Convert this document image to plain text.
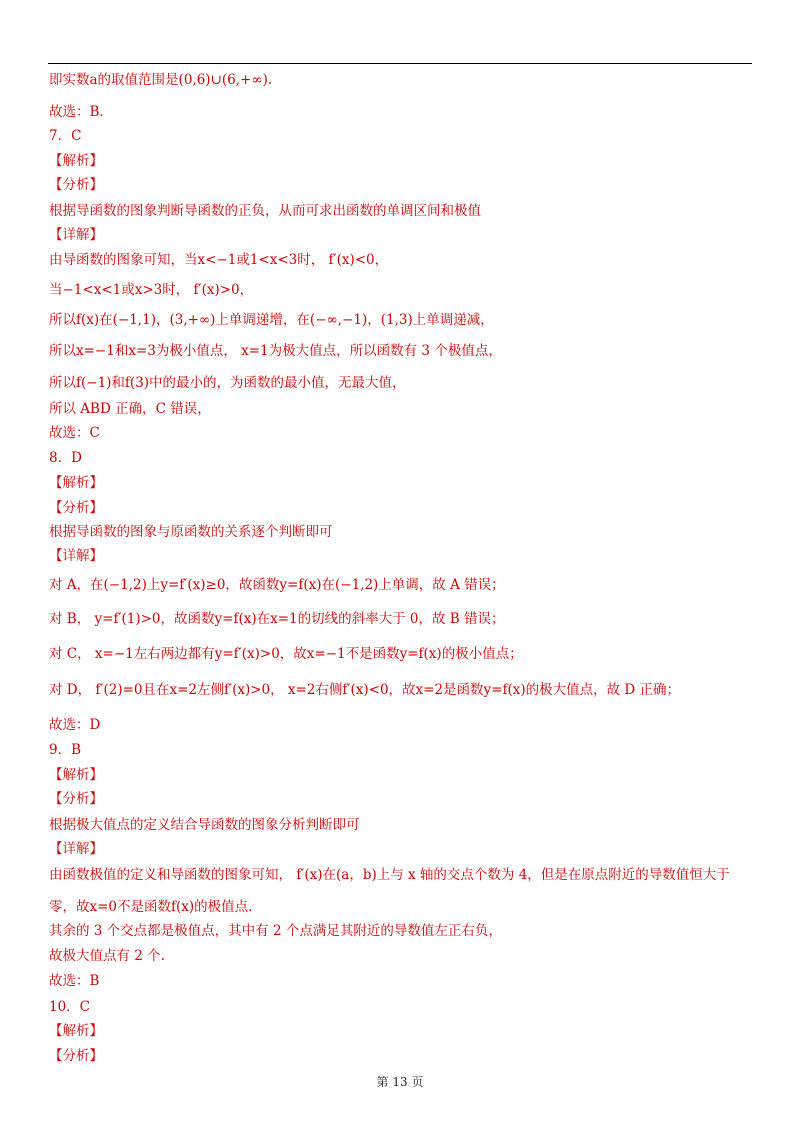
即实数a的取值范围是(0,6)∪(6,+∞).
故选：B．
7．C
【解析】
【分析】
根据导函数的图象判断导函数的正负，从而可求出函数的单调区间和极值
【详解】
由导函数的图象可知，当x<−1或1<x<3时， f′(x)<0，
当−1<x<1或x>3时， f′(x)>0，
所以f(x)在(−1,1)，(3,+∞)上单调递增，在(−∞,−1)，(1,3)上单调递减，
所以x=−1和x=3为极小值点， x=1为极大值点，所以函数有 3 个极值点，
所以f(−1)和f(3)中的最小的，为函数的最小值，无最大值，
所以 ABD 正确，C 错误，
故选：C
8．D
【解析】
【分析】
根据导函数的图象与原函数的关系逐个判断即可
【详解】
对 A，在(−1,2)上y=f′(x)≥0，故函数y=f(x)在(−1,2)上单调，故 A 错误；
对 B， y=f′(1)>0，故函数y=f(x)在x=1的切线的斜率大于 0，故 B 错误；
对 C， x=−1左右两边都有y=f′(x)>0，故x=−1不是函数y=f(x)的极小值点；
对 D， f′(2)=0且在x=2左侧f′(x)>0， x=2右侧f′(x)<0，故x=2是函数y=f(x)的极大值点，故 D 正确；
故选：D
9．B
【解析】
【分析】
根据极大值点的定义结合导函数的图象分析判断即可
【详解】
由函数极值的定义和导函数的图象可知， f′(x)在(a，b)上与 x 轴的交点个数为 4，但是在原点附近的导数值恒大于
零，故x=0不是函数f(x)的极值点.
其余的 3 个交点都是极值点，其中有 2 个点满足其附近的导数值左正右负，
故极大值点有 2 个.
故选：B
10．C
【解析】
【分析】
第 13 页
